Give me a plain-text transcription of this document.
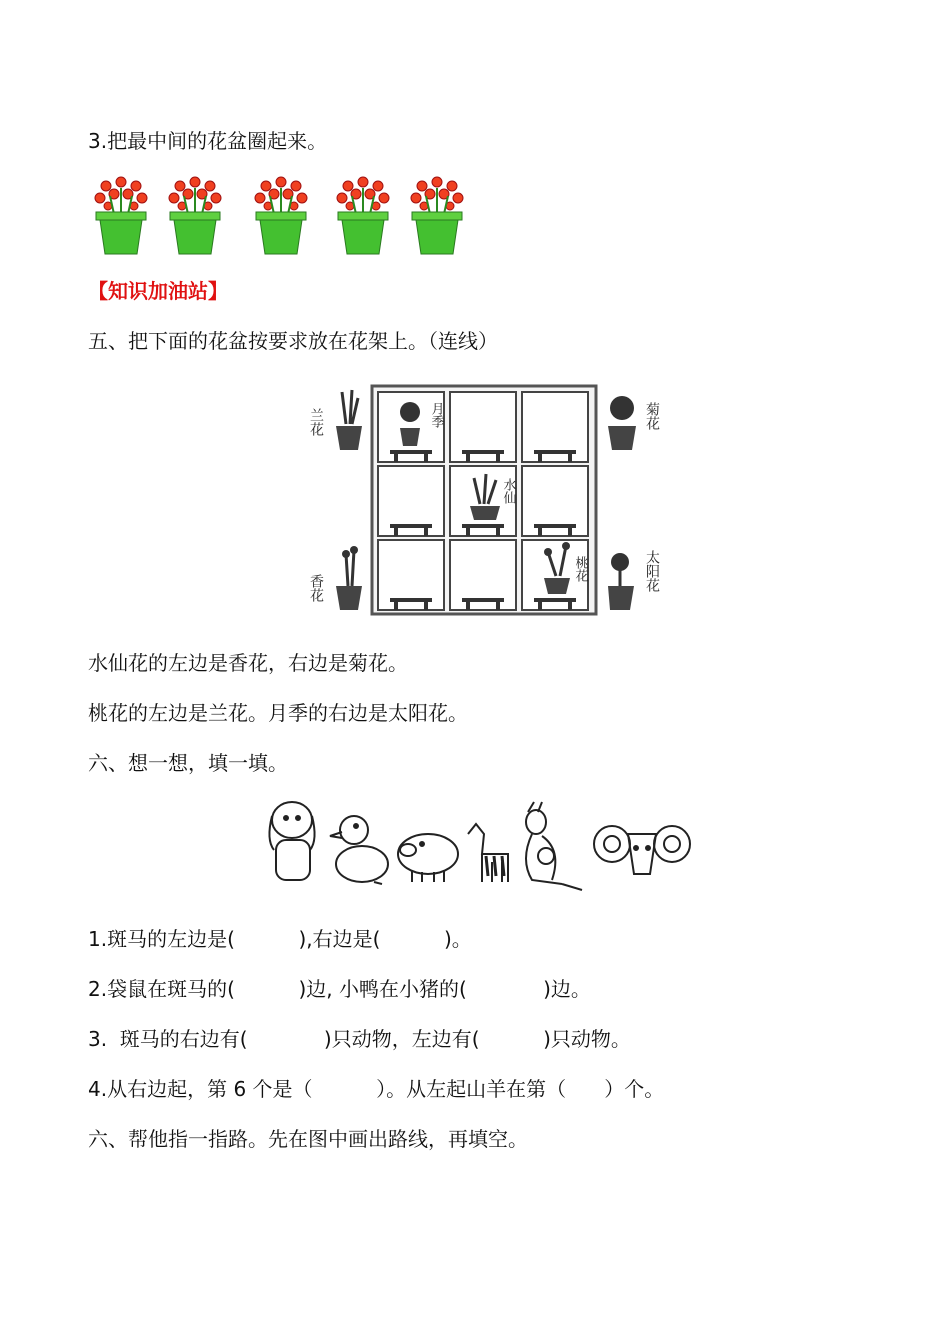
3.把最中间的花盆圈起来。
【知识加油站】
五、把下面的花盆按要求放在花架上。（连线）
月季
水仙
桃花
兰花
香花
菊花
太阳花
水仙花的左边是香花，右边是菊花。
桃花的左边是兰花。月季的右边是太阳花。
六、想一想，填一填。
1.斑马的左边是(          ),右边是(          )。
2.袋鼠在斑马的(          )边, 小鸭在小猪的(            )边。
3.  斑马的右边有(            )只动物，左边有(          )只动物。
4.从右边起，第 6 个是（          ）。从左起山羊在第（      ）个。
六、帮他指一指路。先在图中画出路线，再填空。
